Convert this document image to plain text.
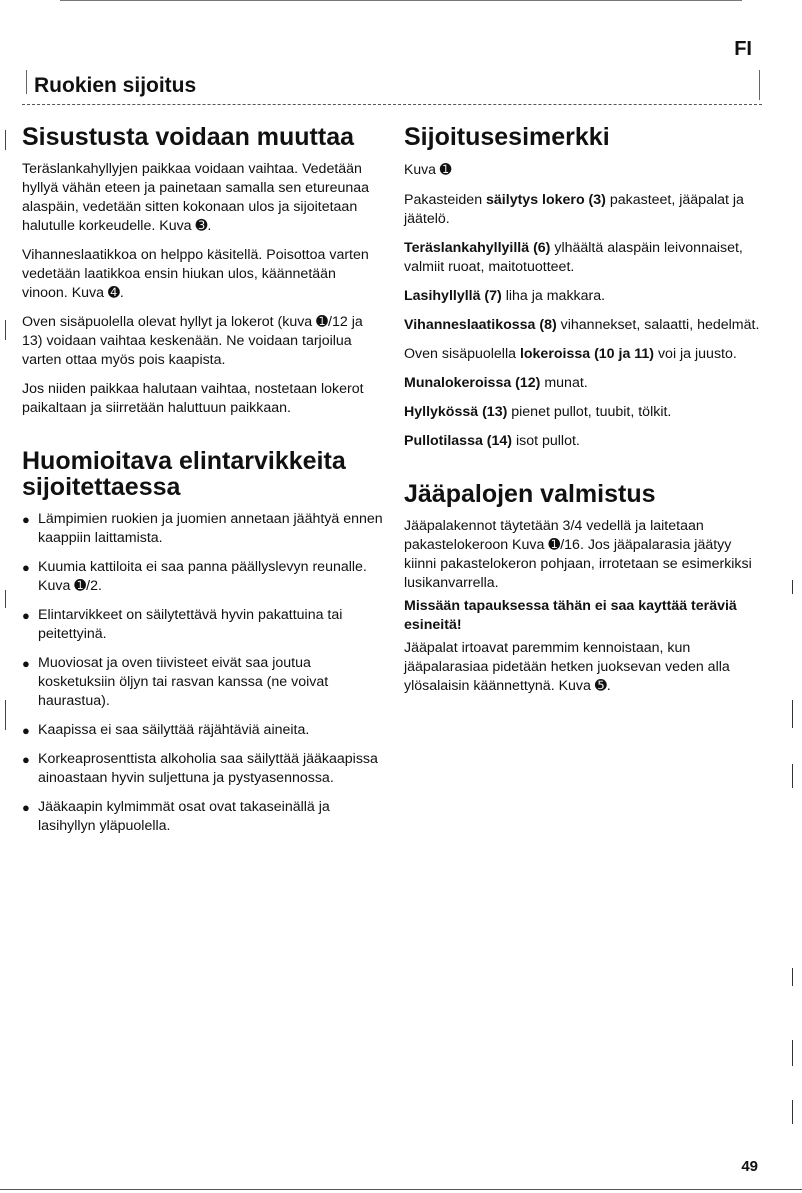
FI
Ruokien sijoitus
Sisustusta voidaan muuttaa

Teräslankahyllyjen paikkaa voidaan vaihtaa. Vedetään hyllyä vähän eteen ja painetaan samalla sen etureunaa alaspäin, vedetään sitten kokonaan ulos ja sijoitetaan halutulle korkeudelle. Kuva ➌.

Vihanneslaatikkoa on helppo käsitellä. Poisottoa varten vedetään laatikkoa ensin hiukan ulos, käännetään vinoon. Kuva ➍.

Oven sisäpuolella olevat hyllyt ja lokerot (kuva ➊/12 ja 13) voidaan vaihtaa keskenään. Ne voidaan tarjoilua varten ottaa myös pois kaapista.

Jos niiden paikkaa halutaan vaihtaa, nostetaan lokerot paikaltaan ja siirretään haluttuun paikkaan.

Huomioitava elintarvikkeita sijoitettaessa
● Lämpimien ruokien ja juomien annetaan jäähtyä ennen kaappiin laittamista.
● Kuumia kattiloita ei saa panna päällyslevyn reunalle. Kuva ➊/2.
● Elintarvikkeet on säilytettävä hyvin pakattuina tai peitettyinä.
● Muoviosat ja oven tiivisteet eivät saa joutua kosketuksiin öljyn tai rasvan kanssa (ne voivat haurastua).
● Kaapissa ei saa säilyttää räjähtäviä aineita.
● Korkeaprosenttista alkoholia saa säilyttää jääkaapissa ainoastaan hyvin suljettuna ja pystyasennossa.
● Jääkaapin kylmimmät osat ovat takaseinällä ja lasihyllyn yläpuolella.
Sijoitusesimerkki

Kuva ➊

Pakasteiden säilytys lokero (3) pakasteet, jääpalat ja jäätelö.

Teräslankahyllyillä (6) ylhäältä alaspäin leivonnaiset, valmiit ruoat, maitotuotteet.

Lasihyllyllä (7) liha ja makkara.

Vihanneslaatikossa (8) vihannekset, salaatti, hedelmät.

Oven sisäpuolella lokeroissa (10 ja 11) voi ja juusto.

Munalokeroissa (12) munat.

Hyllykössä (13) pienet pullot, tuubit, tölkit.

Pullotilassa (14) isot pullot.

Jääpalojen valmistus

Jääpalakennot täytetään 3/4 vedellä ja laitetaan pakastelokeroon Kuva ➊/16. Jos jääpalarasia jäätyy kiinni pakastelokeron pohjaan, irrotetaan se esimerkiksi lusikanvarrella.

Missään tapauksessa tähän ei saa kayttää teräviä esineitä!

Jääpalat irtoavat paremmim kennoistaan, kun jääpalarasiaa pidetään hetken juoksevan veden alla ylösalaisin käännettynä. Kuva ➎.

49
